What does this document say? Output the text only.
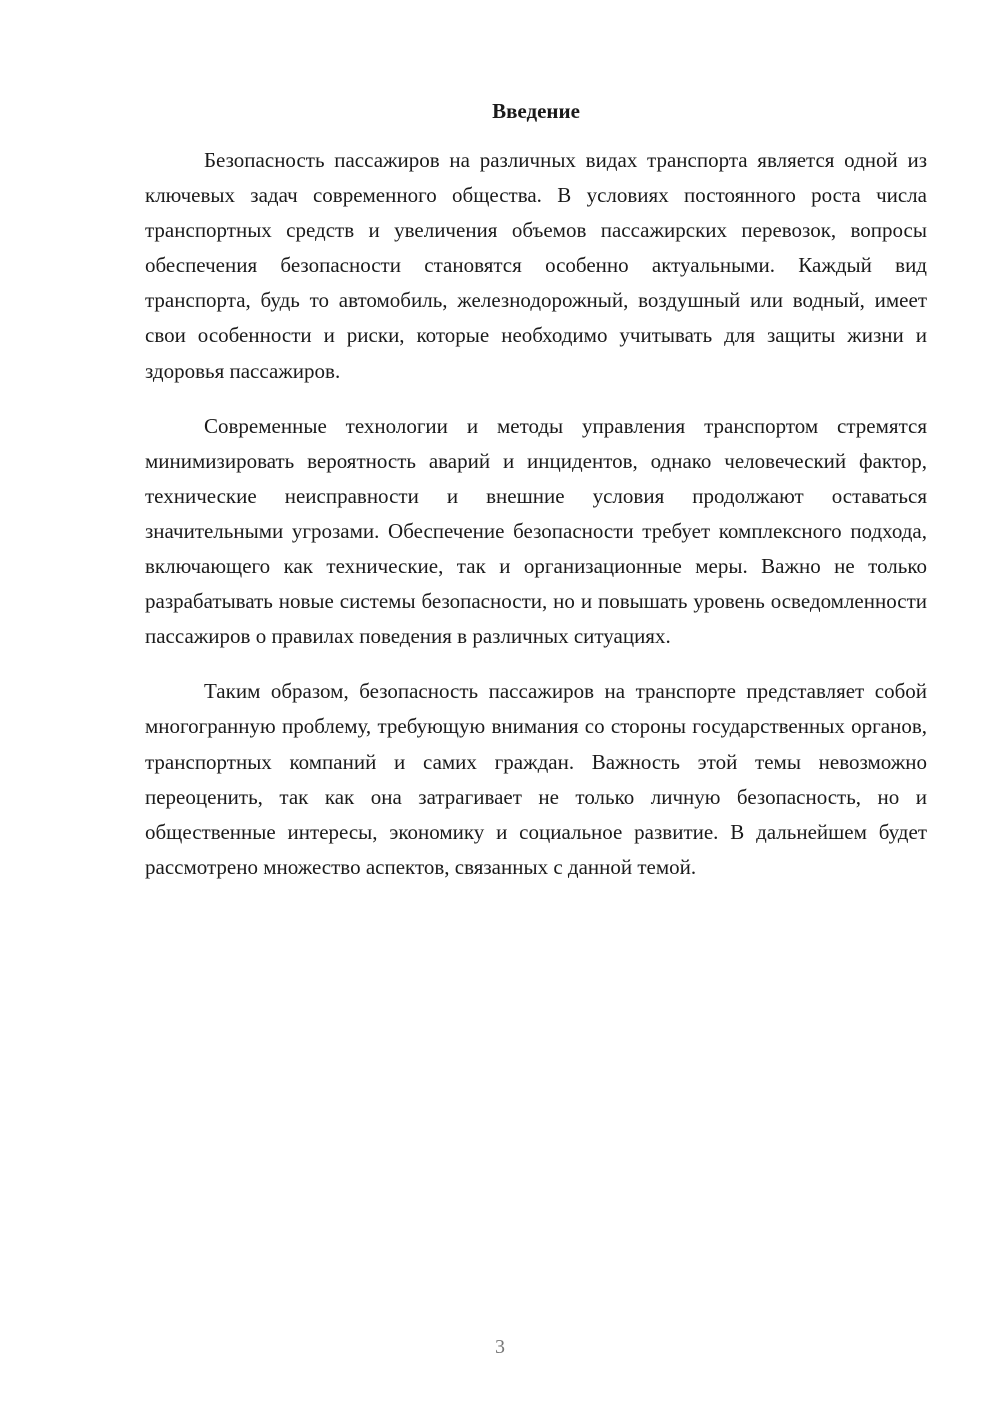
Введение

Безопасность пассажиров на различных видах транспорта является одной из ключевых задач современного общества. В условиях постоянного роста числа транспортных средств и увеличения объемов пассажирских перевозок, вопросы обеспечения безопасности становятся особенно актуальными. Каждый вид транспорта, будь то автомобиль, железнодорожный, воздушный или водный, имеет свои особенности и риски, которые необходимо учитывать для защиты жизни и здоровья пассажиров.

Современные технологии и методы управления транспортом стремятся минимизировать вероятность аварий и инцидентов, однако человеческий фактор, технические неисправности и внешние условия продолжают оставаться значительными угрозами. Обеспечение безопасности требует комплексного подхода, включающего как технические, так и организационные меры. Важно не только разрабатывать новые системы безопасности, но и повышать уровень осведомленности пассажиров о правилах поведения в различных ситуациях.

Таким образом, безопасность пассажиров на транспорте представляет собой многогранную проблему, требующую внимания со стороны государственных органов, транспортных компаний и самих граждан. Важность этой темы невозможно переоценить, так как она затрагивает не только личную безопасность, но и общественные интересы, экономику и социальное развитие. В дальнейшем будет рассмотрено множество аспектов, связанных с данной темой.

3
